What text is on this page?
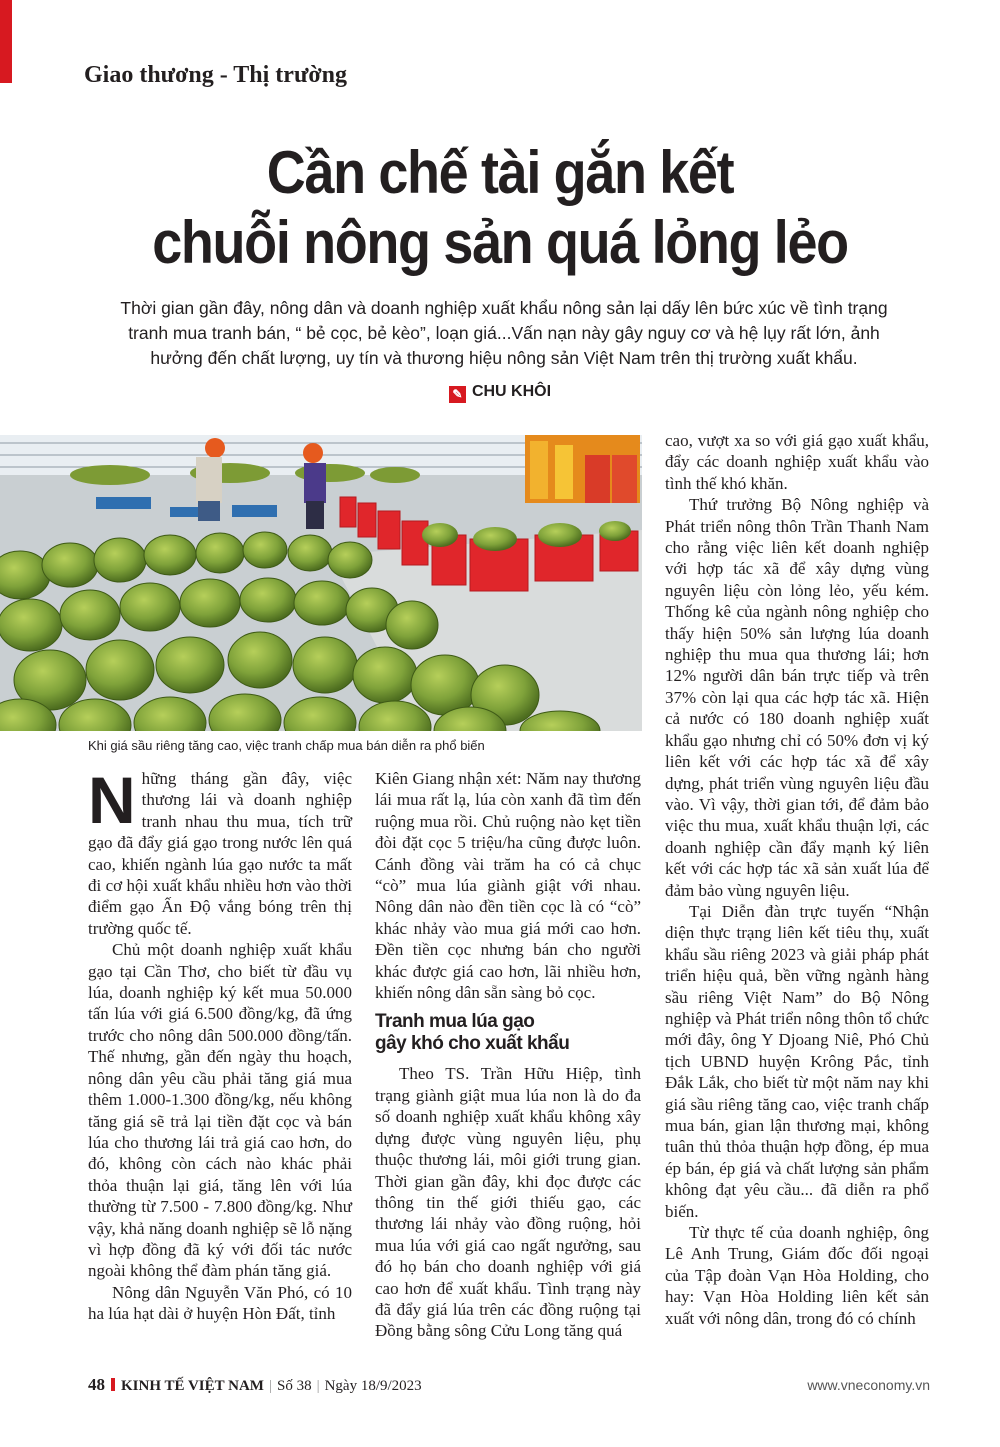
Giao thương - Thị trường
Cần chế tài gắn kết
chuỗi nông sản quá lỏng lẻo
Thời gian gần đây, nông dân và doanh nghiệp xuất khẩu nông sản lại dấy lên bức xúc về tình trạng tranh mua tranh bán, “ bẻ cọc, bẻ kèo”, loạn giá...Vấn nạn này gây nguy cơ và hệ lụy rất lớn, ảnh hưởng đến chất lượng, uy tín và thương hiệu nông sản Việt Nam trên thị trường xuất khẩu.
✎ CHU KHÔI
Khi giá sầu riêng tăng cao, việc tranh chấp mua bán diễn ra phổ biến
N hững tháng gần đây, việc thương lái và doanh nghiệp tranh nhau thu mua, tích trữ gạo đã đẩy giá gạo trong nước lên quá cao, khiến ngành lúa gạo nước ta mất đi cơ hội xuất khẩu nhiều hơn vào thời điểm gạo Ấn Độ vắng bóng trên thị trường quốc tế.

Chủ một doanh nghiệp xuất khẩu gạo tại Cần Thơ, cho biết từ đầu vụ lúa, doanh nghiệp ký kết mua 50.000 tấn lúa với giá 6.500 đồng/kg, đã ứng trước cho nông dân 500.000 đồng/tấn. Thế nhưng, gần đến ngày thu hoạch, nông dân yêu cầu phải tăng giá mua thêm 1.000-1.300 đồng/kg, nếu không tăng giá sẽ trả lại tiền đặt cọc và bán lúa cho thương lái trả giá cao hơn, do đó, không còn cách nào khác phải thỏa thuận lại giá, tăng lên với lúa thường từ 7.500 - 7.800 đồng/kg. Như vậy, khả năng doanh nghiệp sẽ lỗ nặng vì hợp đồng đã ký với đối tác nước ngoài không thể đàm phán tăng giá.

Nông dân Nguyễn Văn Phó, có 10 ha lúa hạt dài ở huyện Hòn Đất, tỉnh

Kiên Giang nhận xét: Năm nay thương lái mua rất lạ, lúa còn xanh đã tìm đến ruộng mua rồi. Chủ ruộng nào kẹt tiền đòi đặt cọc 5 triệu/ha cũng được luôn. Cánh đồng vài trăm ha có cả chục “cò” mua lúa giành giật với nhau. Nông dân nào đền tiền cọc là có “cò” khác nhảy vào mua giá mới cao hơn. Đền tiền cọc nhưng bán cho người khác được giá cao hơn, lãi nhiều hơn, khiến nông dân sẵn sàng bỏ cọc.

Tranh mua lúa gạo
gây khó cho xuất khẩu

Theo TS. Trần Hữu Hiệp, tình trạng giành giật mua lúa non là do đa số doanh nghiệp xuất khẩu không xây dựng được vùng nguyên liệu, phụ thuộc thương lái, môi giới trung gian. Thời gian gần đây, khi đọc được các thông tin thế giới thiếu gạo, các thương lái nhảy vào đồng ruộng, hỏi mua lúa với giá cao ngất ngưởng, sau đó họ bán cho doanh nghiệp với giá cao hơn để xuất khẩu. Tình trạng này đã đẩy giá lúa trên các đồng ruộng tại Đồng bằng sông Cửu Long tăng quá

cao, vượt xa so với giá gạo xuất khẩu, đẩy các doanh nghiệp xuất khẩu vào tình thế khó khăn.

Thứ trưởng Bộ Nông nghiệp và Phát triển nông thôn Trần Thanh Nam cho rằng việc liên kết doanh nghiệp với hợp tác xã để xây dựng vùng nguyên liệu còn lỏng lẻo, yếu kém. Thống kê của ngành nông nghiệp cho thấy hiện 50% sản lượng lúa doanh nghiệp thu mua qua thương lái; hơn 12% người dân bán trực tiếp và trên 37% còn lại qua các hợp tác xã. Hiện cả nước có 180 doanh nghiệp xuất khẩu gạo nhưng chỉ có 50% đơn vị ký liên kết với các hợp tác xã để xây dựng, phát triển vùng nguyên liệu đầu vào. Vì vậy, thời gian tới, để đảm bảo việc thu mua, xuất khẩu thuận lợi, các doanh nghiệp cần đẩy mạnh ký liên kết với các hợp tác xã sản xuất lúa để đảm bảo vùng nguyên liệu.

Tại Diễn đàn trực tuyến “Nhận diện thực trạng liên kết tiêu thụ, xuất khẩu sầu riêng 2023 và giải pháp phát triển hiệu quả, bền vững ngành hàng sầu riêng Việt Nam” do Bộ Nông nghiệp và Phát triển nông thôn tổ chức mới đây, ông Y Djoang Niê, Phó Chủ tịch UBND huyện Krông Pắc, tỉnh Đắk Lắk, cho biết từ một năm nay khi giá sầu riêng tăng cao, việc tranh chấp mua bán, gian lận thương mại, không tuân thủ thỏa thuận hợp đồng, ép mua ép bán, ép giá và chất lượng sản phẩm không đạt yêu cầu... đã diễn ra phổ biến.

Từ thực tế của doanh nghiệp, ông Lê Anh Trung, Giám đốc đối ngoại của Tập đoàn Vạn Hòa Holding, cho hay: Vạn Hòa Holding liên kết sản xuất với nông dân, trong đó có chính

48 KINH TẾ VIỆT NAM | Số 38 | Ngày 18/9/2023	www.vneconomy.vn
